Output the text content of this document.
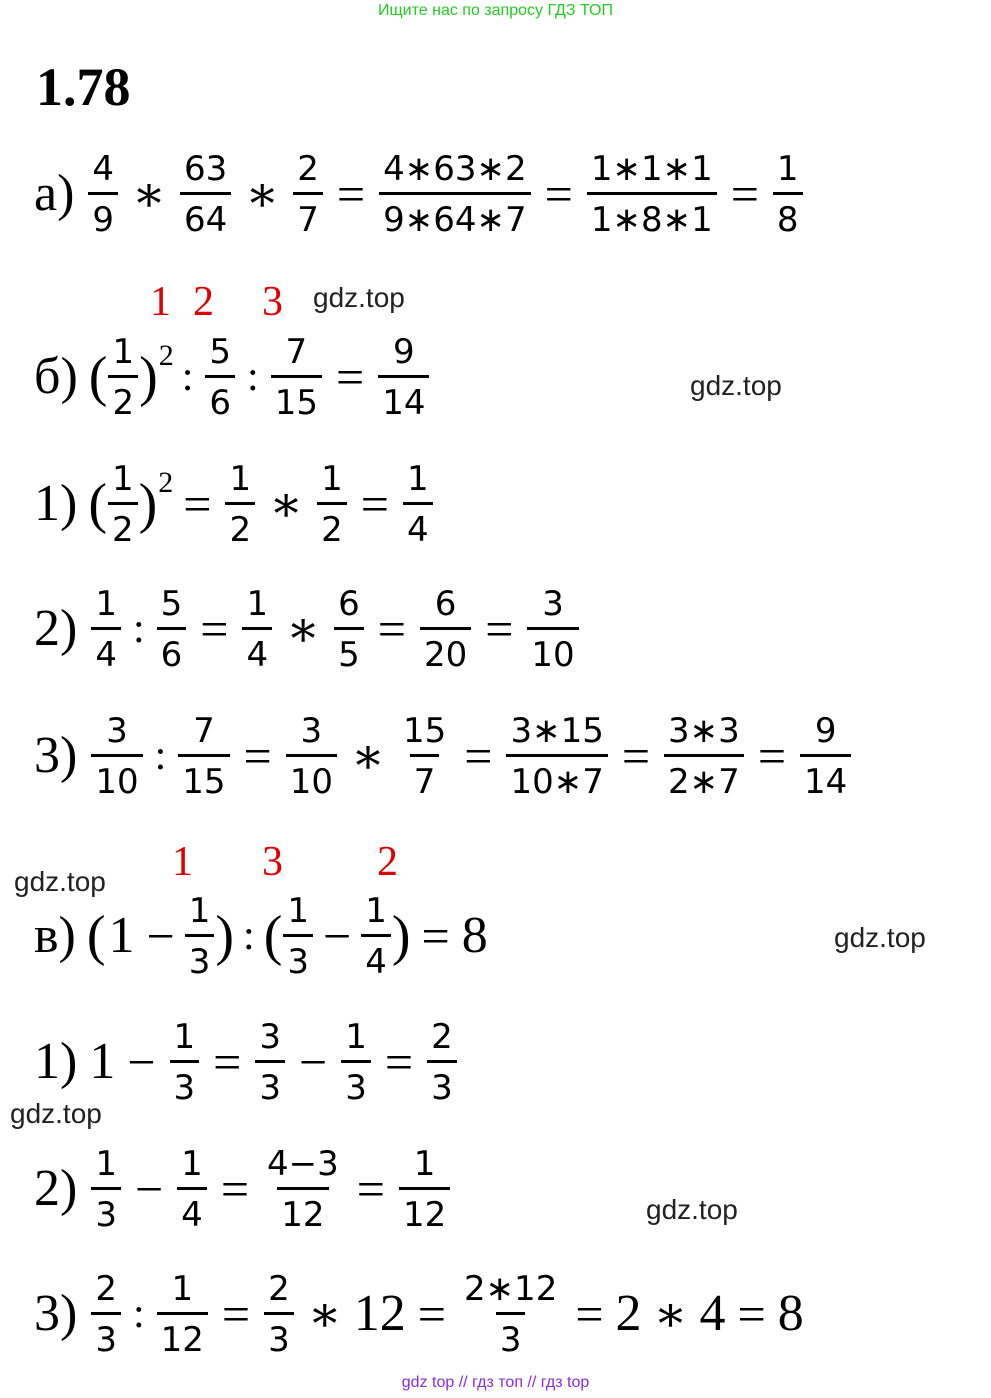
Ищите нас по запросу ГДЗ ТОП
1.78
$а) \frac{4}{9}$ ∗ $\frac{63}{64}$ ∗ $\frac{2}{7} = \frac{4∗63∗2}{9∗64∗7} = \frac{1∗1∗1}{1∗8∗1} = \frac{1}{8}$
1 2 3 gdz.top
б) ( $\frac{1}{2}$ ) 2 : $\frac{5}{6}$ : $\frac{7}{15} = \frac{9}{14}$	gdz.top
1) ( $\frac{1}{2}$ ) $2 = \frac{1}{2}$ ∗ $\frac{1}{2} = \frac{1}{4}$
$2) \frac{1}{4}$ : $\frac{5}{6} = \frac{1}{4}$ ∗ $\frac{6}{5} = \frac{6}{20} = \frac{3}{10}$
$3) \frac{3}{10}$ : $\frac{7}{15} = \frac{3}{10}$ ∗ $\frac{15}{7} = \frac{3∗15}{10∗7} = \frac{3∗3}{2∗7} = \frac{9}{14}$
1 3 2
gdz.top
в) ( $1 - \frac{1}{3}$ ) : ( $\frac{1}{3} - \frac{1}{4}$ ) = 8	gdz.top
1) $1 - \frac{1}{3} = \frac{3}{3} - \frac{1}{3} = \frac{2}{3}$
gdz.top
$2) \frac{1}{3} - \frac{1}{4} = \frac{4-3}{12} = \frac{1}{12}$	gdz.top
$3) \frac{2}{3}$ : $\frac{1}{12} = \frac{2}{3}$ ∗ $12 = \frac{2∗12}{3} = 2$ ∗ 4 = 8
gdz top // гдз топ // гдз top
